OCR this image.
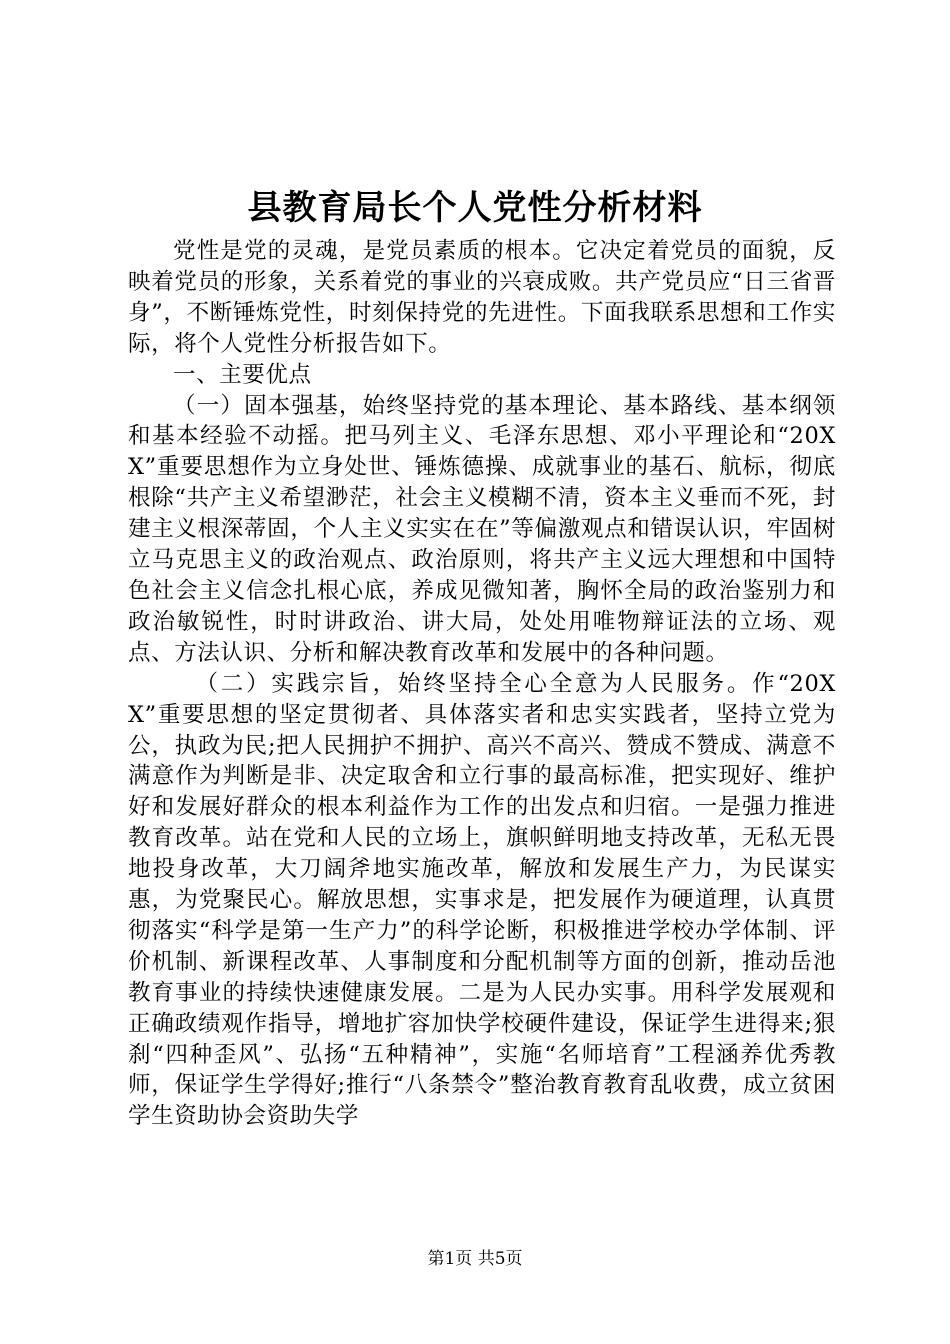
县教育局长个人党性分析材料

党性是党的灵魂，是党员素质的根本。它决定着党员的面貌，反映着党员的形象，关系着党的事业的兴衰成败。共产党员应“日三省晋身”，不断锤炼党性，时刻保持党的先进性。下面我联系思想和工作实际，将个人党性分析报告如下。

一、主要优点

（一）固本强基，始终坚持党的基本理论、基本路线、基本纲领和基本经验不动摇。把马列主义、毛泽东思想、邓小平理论和“20XX”重要思想作为立身处世、锤炼德操、成就事业的基石、航标，彻底根除“共产主义希望渺茫，社会主义模糊不清，资本主义垂而不死，封建主义根深蒂固，个人主义实实在在”等偏激观点和错误认识，牢固树立马克思主义的政治观点、政治原则，将共产主义远大理想和中国特色社会主义信念扎根心底，养成见微知著，胸怀全局的政治鉴别力和政治敏锐性，时时讲政治、讲大局，处处用唯物辩证法的立场、观点、方法认识、分析和解决教育改革和发展中的各种问题。

（二）实践宗旨，始终坚持全心全意为人民服务。作“20XX”重要思想的坚定贯彻者、具体落实者和忠实实践者，坚持立党为公，执政为民;把人民拥护不拥护、高兴不高兴、赞成不赞成、满意不满意作为判断是非、决定取舍和立行事的最高标准，把实现好、维护好和发展好群众的根本利益作为工作的出发点和归宿。一是强力推进教育改革。站在党和人民的立场上，旗帜鲜明地支持改革，无私无畏地投身改革，大刀阔斧地实施改革，解放和发展生产力，为民谋实惠，为党聚民心。解放思想，实事求是，把发展作为硬道理，认真贯彻落实“科学是第一生产力”的科学论断，积极推进学校办学体制、评价机制、新课程改革、人事制度和分配机制等方面的创新，推动岳池教育事业的持续快速健康发展。二是为人民办实事。用科学发展观和正确政绩观作指导，增地扩容加快学校硬件建设，保证学生进得来;狠刹“四种歪风”、弘扬“五种精神”，实施“名师培育”工程涵养优秀教师，保证学生学得好;推行“八条禁令”整治教育教育乱收费，成立贫困学生资助协会资助失学

第1页 共5页
